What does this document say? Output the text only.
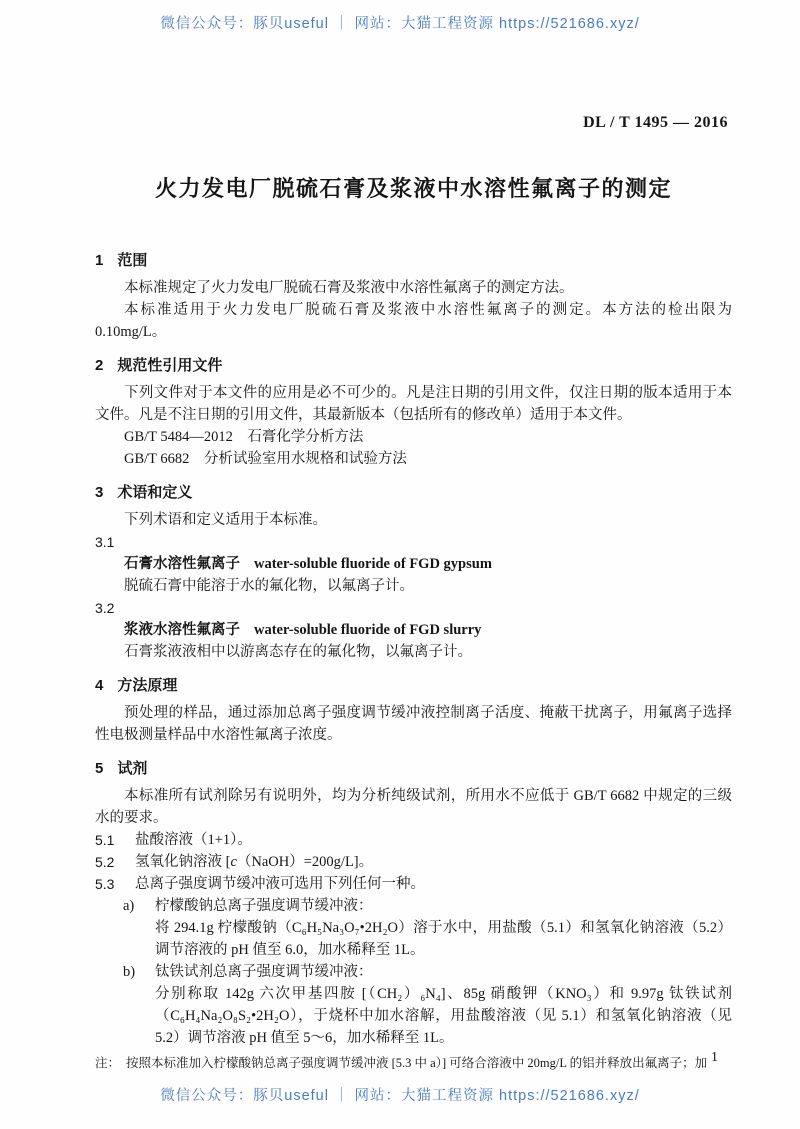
微信公众号：豚贝useful ｜ 网站：大猫工程资源 https://521686.xyz/
DL / T 1495 — 2016
火力发电厂脱硫石膏及浆液中水溶性氟离子的测定
1 范围

本标准规定了火力发电厂脱硫石膏及浆液中水溶性氟离子的测定方法。

本标准适用于火力发电厂脱硫石膏及浆液中水溶性氟离子的测定。本方法的检出限为 0.10mg/L。

2 规范性引用文件

下列文件对于本文件的应用是必不可少的。凡是注日期的引用文件，仅注日期的版本适用于本文件。凡是不注日期的引用文件，其最新版本（包括所有的修改单）适用于本文件。

GB/T 5484—2012　石膏化学分析方法

GB/T 6682　分析试验室用水规格和试验方法

3 术语和定义

下列术语和定义适用于本标准。

3.1

石膏水溶性氟离子 water-soluble fluoride of FGD gypsum

脱硫石膏中能溶于水的氟化物，以氟离子计。

3.2

浆液水溶性氟离子 water-soluble fluoride of FGD slurry

石膏浆液液相中以游离态存在的氟化物，以氟离子计。

4 方法原理

预处理的样品，通过添加总离子强度调节缓冲液控制离子活度、掩蔽干扰离子，用氟离子选择性电极测量样品中水溶性氟离子浓度。

5 试剂

本标准所有试剂除另有说明外，均为分析纯级试剂，所用水不应低于 GB/T 6682 中规定的三级水的要求。

5.1	盐酸溶液（1+1）。
5.2	氢氧化钠溶液 [c（NaOH）=200g/L]。
5.3	总离子强度调节缓冲液可选用下列任何一种。
a)	柠檬酸钠总离子强度调节缓冲液：

将 294.1g 柠檬酸钠（C₆H₅Na₃O₇•2H₂O）溶于水中，用盐酸（5.1）和氢氧化钠溶液（5.2）调节溶液的 pH 值至 6.0，加水稀释至 1L。

b)	钛铁试剂总离子强度调节缓冲液：

分别称取 142g 六次甲基四胺 [（CH₂）₆N₄]、85g 硝酸钾（KNO₃）和 9.97g 钛铁试剂（C₆H₄Na₂O₈S₂•2H₂O），于烧杯中加水溶解，用盐酸溶液（见 5.1）和氢氧化钠溶液（见 5.2）调节溶液 pH 值至 5～6，加水稀释至 1L。

注： 按照本标准加入柠檬酸钠总离子强度调节缓冲液 [5.3 中 a）] 可络合溶液中 20mg/L 的铝并释放出氟离子；加 1
微信公众号：豚贝useful ｜ 网站：大猫工程资源 https://521686.xyz/
